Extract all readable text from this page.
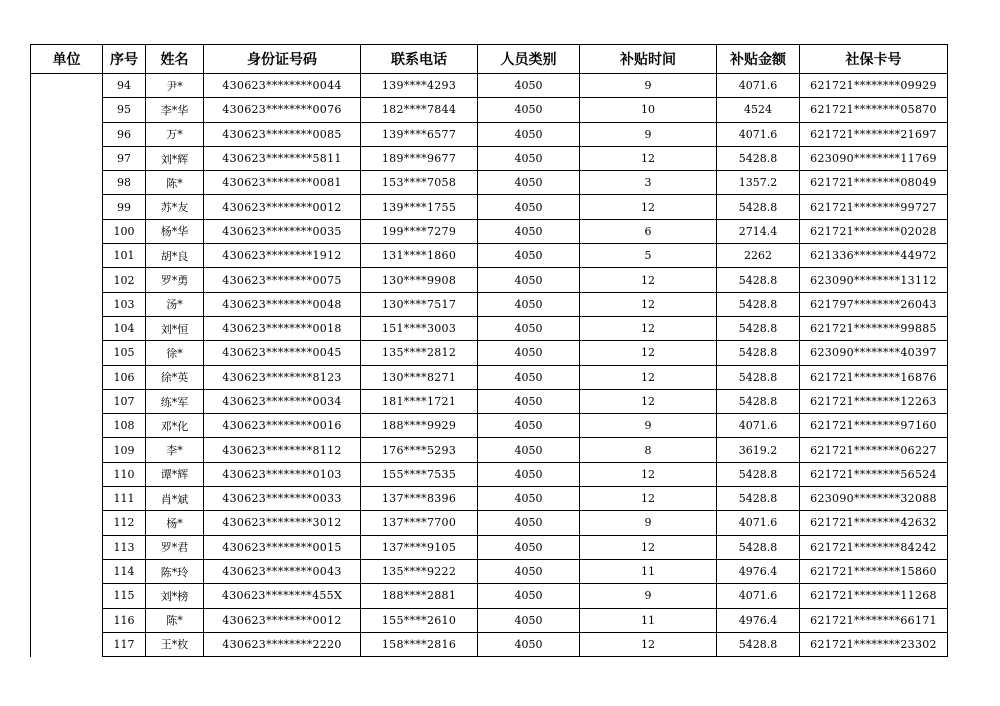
单位	序号	姓名	身份证号码	联系电话	人员类别	补贴时间	补贴金额	社保卡号
	94	尹*	430623********0044	139****4293	4050	9	4071.6	621721********09929
	95	李*华	430623********0076	182****7844	4050	10	4524	621721********05870
	96	万*	430623********0085	139****6577	4050	9	4071.6	621721********21697
	97	刘*辉	430623********5811	189****9677	4050	12	5428.8	623090********11769
	98	陈*	430623********0081	153****7058	4050	3	1357.2	621721********08049
	99	苏*友	430623********0012	139****1755	4050	12	5428.8	621721********99727
	100	杨*华	430623********0035	199****7279	4050	6	2714.4	621721********02028
	101	胡*良	430623********1912	131****1860	4050	5	2262	621336********44972
	102	罗*勇	430623********0075	130****9908	4050	12	5428.8	623090********13112
	103	汤*	430623********0048	130****7517	4050	12	5428.8	621797********26043
	104	刘*恒	430623********0018	151****3003	4050	12	5428.8	621721********99885
	105	徐*	430623********0045	135****2812	4050	12	5428.8	623090********40397
	106	徐*英	430623********8123	130****8271	4050	12	5428.8	621721********16876
	107	练*军	430623********0034	181****1721	4050	12	5428.8	621721********12263
	108	邓*化	430623********0016	188****9929	4050	9	4071.6	621721********97160
	109	李*	430623********8112	176****5293	4050	8	3619.2	621721********06227
	110	谭*辉	430623********0103	155****7535	4050	12	5428.8	621721********56524
	111	肖*斌	430623********0033	137****8396	4050	12	5428.8	623090********32088
	112	杨*	430623********3012	137****7700	4050	9	4071.6	621721********42632
	113	罗*君	430623********0015	137****9105	4050	12	5428.8	621721********84242
	114	陈*玲	430623********0043	135****9222	4050	11	4976.4	621721********15860
	115	刘*榜	430623********455X	188****2881	4050	9	4071.6	621721********11268
	116	陈*	430623********0012	155****2610	4050	11	4976.4	621721********66171
	117	王*枚	430623********2220	158****2816	4050	12	5428.8	621721********23302
